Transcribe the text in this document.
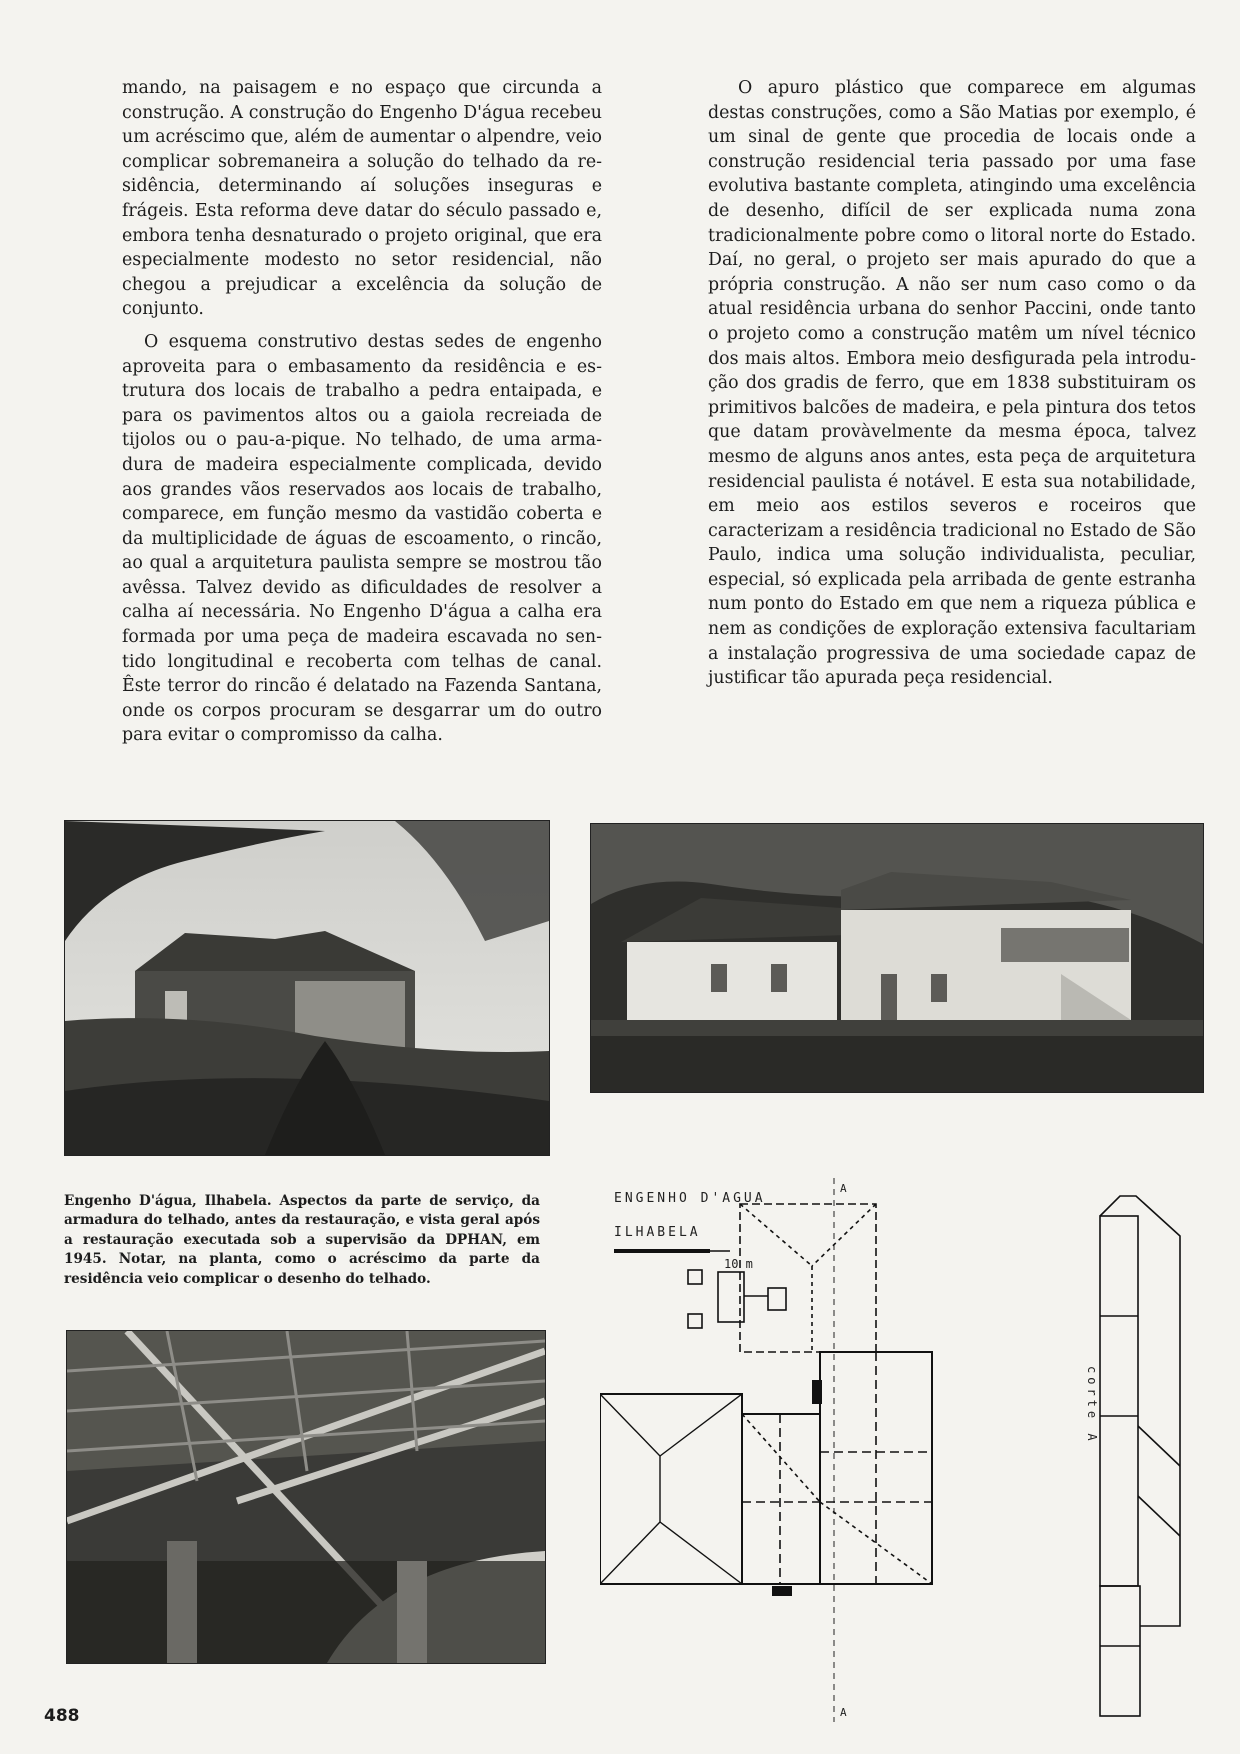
mando, na paisagem e no espaço que circunda a construção. A construção do Engenho D'água recebeu um acréscimo que, além de aumentar o alpendre, veio complicar sobremaneira a solução do telhado da residência, determinando aí soluções inseguras e frágeis. Esta reforma deve datar do século passado e, embora tenha desnaturado o projeto original, que era especialmente modesto no setor residencial, não chegou a prejudicar a excelência da solução de conjunto.

O esquema construtivo destas sedes de engenho aproveita para o embasamento da residência e estrutura dos locais de trabalho a pedra entaipada, e para os pavimentos altos ou a gaiola recreiada de tijolos ou o pau-a-pique. No telhado, de uma armadura de madeira especialmente complicada, devido aos grandes vãos reservados aos locais de trabalho, comparece, em função mesmo da vastidão coberta e da multiplicidade de águas de escoamento, o rincão, ao qual a arquitetura paulista sempre se mostrou tão avêssa. Talvez devido as dificuldades de resolver a calha aí necessária. No Engenho D'água a calha era formada por uma peça de madeira escavada no sentido longitudinal e recoberta com telhas de canal. Êste terror do rincão é delatado na Fazenda Santana, onde os corpos procuram se desgarrar um do outro para evitar o compromisso da calha.

O apuro plástico que comparece em algumas destas construções, como a São Matias por exemplo, é um sinal de gente que procedia de locais onde a construção residencial teria passado por uma fase evolutiva bastante completa, atingindo uma excelência de desenho, difícil de ser explicada numa zona tradicionalmente pobre como o litoral norte do Estado. Daí, no geral, o projeto ser mais apurado do que a própria construção. A não ser num caso como o da atual residência urbana do senhor Paccini, onde tanto o projeto como a construção matêm um nível técnico dos mais altos. Embora meio desfigurada pela introdução dos gradis de ferro, que em 1838 substituiram os primitivos balcões de madeira, e pela pintura dos tetos que datam provàvelmente da mesma época, talvez mesmo de alguns anos antes, esta peça de arquitetura residencial paulista é notável. E esta sua notabilidade, em meio aos estilos severos e roceiros que caracterizam a residência tradicional no Estado de São Paulo, indica uma solução individualista, peculiar, especial, só explicada pela arribada de gente estranha num ponto do Estado em que nem a riqueza pública e nem as condições de exploração extensiva facultariam a instalação progressiva de uma sociedade capaz de justificar tão apurada peça residencial.

Engenho D'água, Ilhabela. Aspectos da parte de serviço, da armadura do telhado, antes da restauração, e vista geral após a restauração executada sob a supervisão da DPHAN, em 1945. Notar, na planta, como o acréscimo da parte da residência veio complicar o desenho do telhado.
ENGENHO D'AGUA
ILHABELA
10 m
A
A
corte A
488
